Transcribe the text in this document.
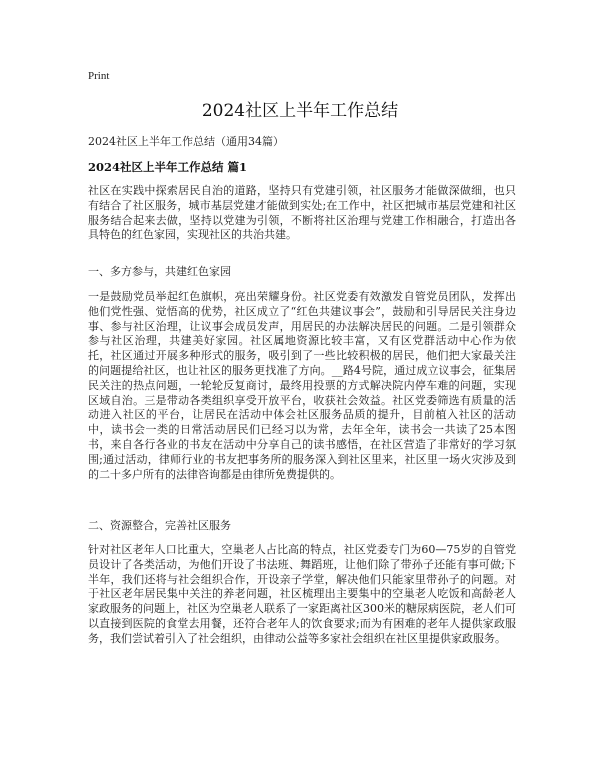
Print
2024社区上半年工作总结
2024社区上半年工作总结（通用34篇）
2024社区上半年工作总结 篇1

社区在实践中探索居民自治的道路，坚持只有党建引领，社区服务才能做深做细，也只有结合了社区服务，城市基层党建才能做到实处;在工作中，社区把城市基层党建和社区服务结合起来去做，坚持以党建为引领，不断将社区治理与党建工作相融合，打造出各具特色的红色家园，实现社区的共治共建。

一、多方参与，共建红色家园

一是鼓励党员举起红色旗帜，亮出荣耀身份。社区党委有效激发自管党员团队，发挥出他们党性强、觉悟高的优势，社区成立了“红色共建议事会”，鼓励和引导居民关注身边事、参与社区治理，让议事会成员发声，用居民的办法解决居民的问题。二是引领群众参与社区治理，共建美好家园。社区属地资源比较丰富，又有区党群活动中心作为依托，社区通过开展多种形式的服务，吸引到了一些比较积极的居民，他们把大家最关注的问题提给社区，也让社区的服务更找准了方向。__路4号院，通过成立议事会，征集居民关注的热点问题，一轮轮反复商讨，最终用投票的方式解决院内停车难的问题，实现区域自治。三是带动各类组织享受开放平台，收获社会效益。社区党委筛选有质量的活动进入社区的平台，让居民在活动中体会社区服务品质的提升，目前植入社区的活动中，读书会一类的日常活动居民们已经习以为常，去年全年，读书会一共读了25本图书，来自各行各业的书友在活动中分享自己的读书感悟，在社区营造了非常好的学习氛围;通过活动，律师行业的书友把事务所的服务深入到社区里来，社区里一场火灾涉及到的二十多户所有的法律咨询都是由律所免费提供的。

二、资源整合，完善社区服务

针对社区老年人口比重大，空巢老人占比高的特点，社区党委专门为60—75岁的自管党员设计了各类活动，为他们开设了书法班、舞蹈班，让他们除了带孙子还能有事可做;下半年，我们还将与社会组织合作，开设亲子学堂，解决他们只能家里带孙子的问题。对于社区老年居民集中关注的养老问题，社区梳理出主要集中的空巢老人吃饭和高龄老人家政服务的问题上，社区为空巢老人联系了一家距离社区300米的糖尿病医院，老人们可以直接到医院的食堂去用餐，还符合老年人的饮食要求;而为有困难的老年人提供家政服务，我们尝试着引入了社会组织，由律动公益等多家社会组织在社区里提供家政服务。
